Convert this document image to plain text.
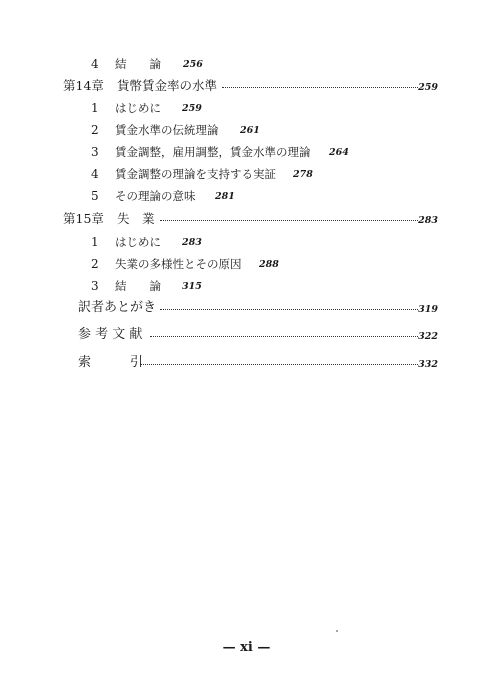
4 結　　論 256
第14章 貨幣賃金率の水準	259
1 はじめに 259
2 賃金水準の伝統理論 261
3 賃金調整，雇用調整，賃金水準の理論 264
4 賃金調整の理論を支持する実証 278
5 その理論の意味 281
第15章 失　業	283
1 はじめに 283
2 失業の多様性とその原因 288
3 結　　論 315
訳者あとがき	319
参 考 文 献	322
索　　　引	332
— xi —
